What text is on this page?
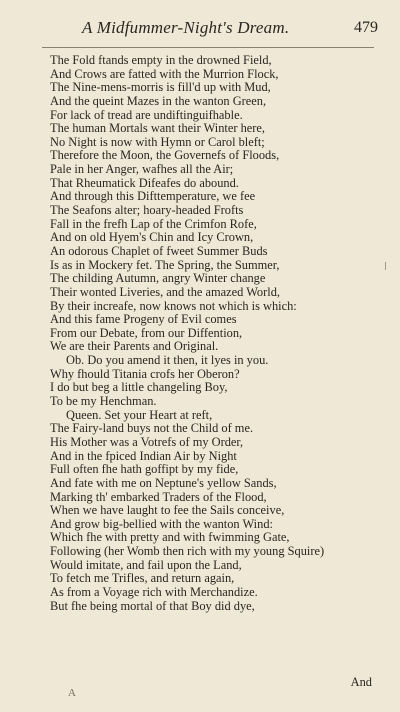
A Midfummer-Night's Dream.	479
The Fold ftands empty in the drowned Field,
And Crows are fatted with the Murrion Flock,
The Nine-mens-morris is fill'd up with Mud,
And the queint Mazes in the wanton Green,
For lack of tread are undiftinguifhable.
The human Mortals want their Winter here,
No Night is now with Hymn or Carol bleft;
Therefore the Moon, the Governefs of Floods,
Pale in her Anger, wafhes all the Air;
That Rheumatick Difeafes do abound.
And through this Difttemperature, we fee
The Seafons alter; hoary-headed Frofts
Fall in the frefh Lap of the Crimfon Rofe,
And on old Hyem's Chin and Icy Crown,
An odorous Chaplet of fweet Summer Buds
Is as in Mockery fet. The Spring, the Summer,
The childing Autumn, angry Winter change
Their wonted Liveries, and the amazed World,
By their increafe, now knows not which is which:
And this fame Progeny of Evil comes
From our Debate, from our Diffention,
We are their Parents and Original.
Ob. Do you amend it then, it lyes in you.
Why fhould Titania crofs her Oberon?
I do but beg a little changeling Boy,
To be my Henchman.
Queen. Set your Heart at reft,
The Fairy-land buys not the Child of me.
His Mother was a Votrefs of my Order,
And in the fpiced Indian Air by Night
Full often fhe hath goffipt by my fide,
And fate with me on Neptune's yellow Sands,
Marking th' embarked Traders of the Flood,
When we have laught to fee the Sails conceive,
And grow big-bellied with the wanton Wind:
Which fhe with pretty and with fwimming Gate,
Following (her Womb then rich with my young Squire)
Would imitate, and fail upon the Land,
To fetch me Trifles, and return again,
As from a Voyage rich with Merchandize.
But fhe being mortal of that Boy did dye,
And
A
